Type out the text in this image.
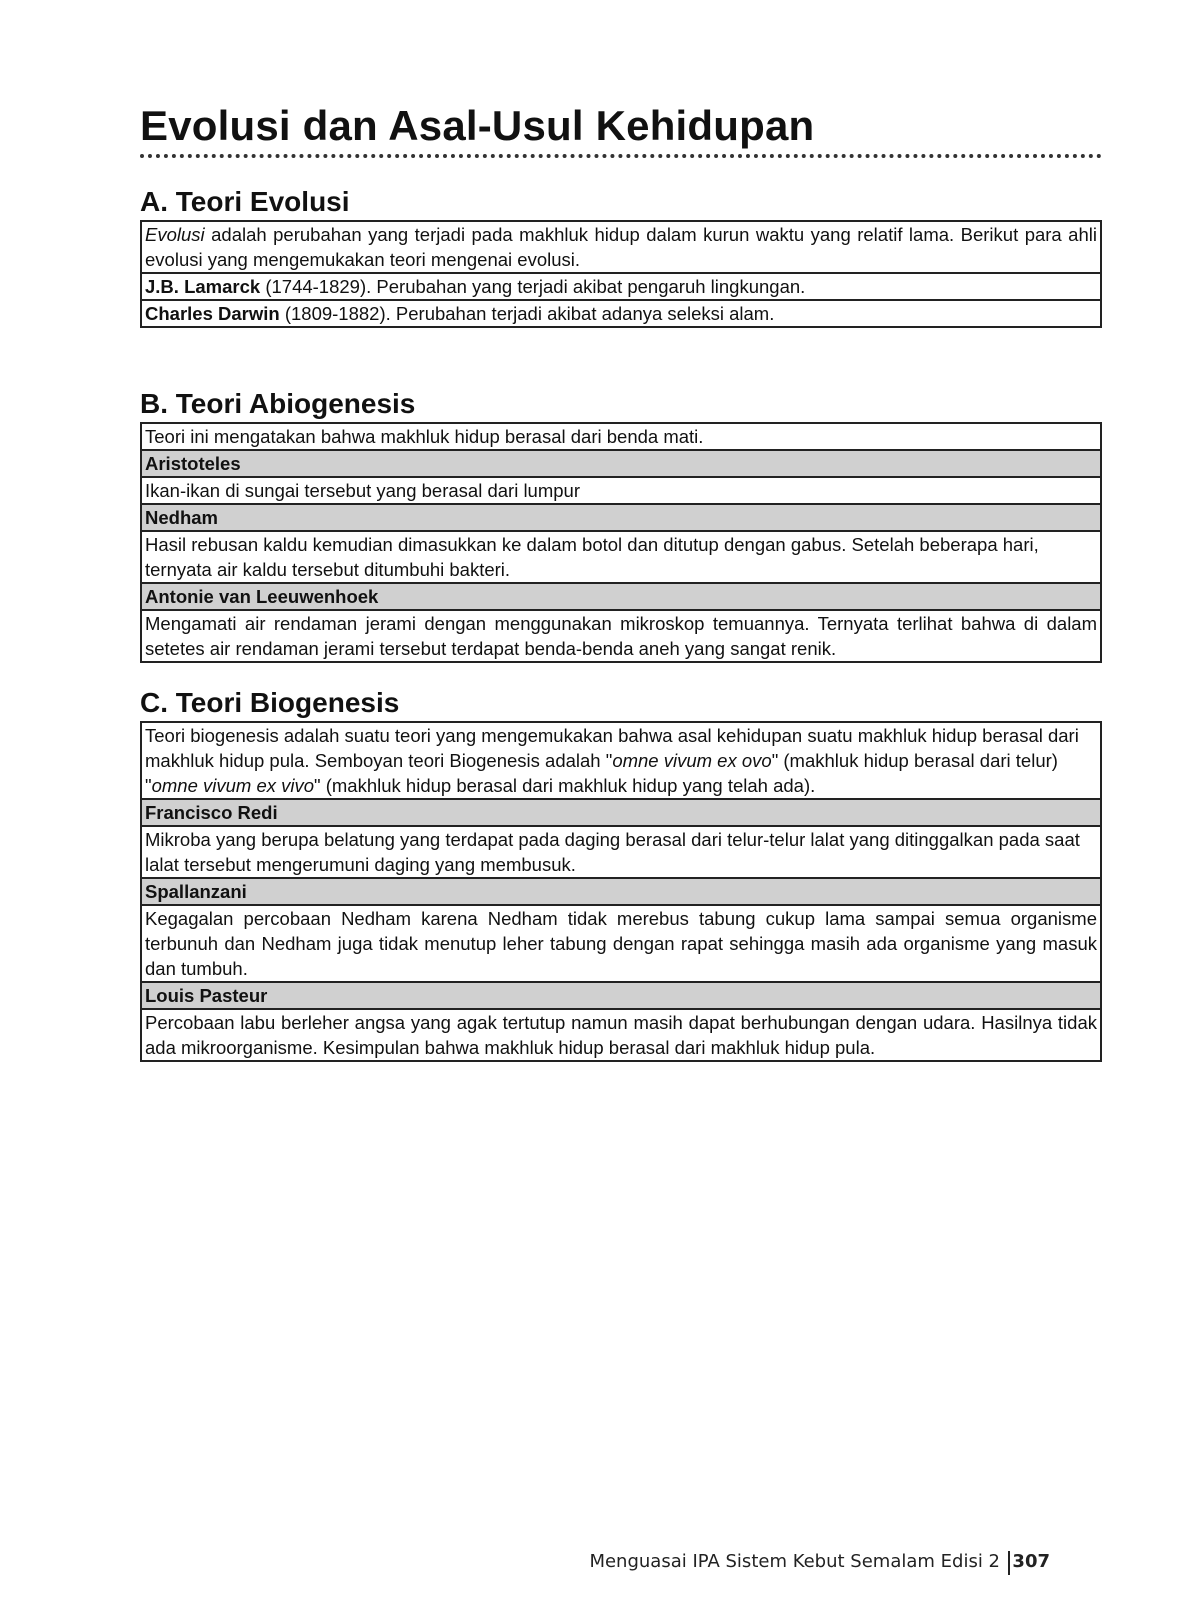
Evolusi dan Asal-Usul Kehidupan
A. Teori Evolusi
Evolusi adalah perubahan yang terjadi pada makhluk hidup dalam kurun waktu yang relatif lama. Berikut para ahli evolusi yang mengemukakan teori mengenai evolusi.
J.B. Lamarck (1744-1829). Perubahan yang terjadi akibat pengaruh lingkungan.
Charles Darwin (1809-1882). Perubahan terjadi akibat adanya seleksi alam.
B. Teori Abiogenesis
Teori ini mengatakan bahwa makhluk hidup berasal dari benda mati.
Aristoteles
Ikan-ikan di sungai tersebut yang berasal dari lumpur
Nedham
Hasil rebusan kaldu kemudian dimasukkan ke dalam botol dan ditutup dengan gabus. Setelah beberapa hari, ternyata air kaldu tersebut ditumbuhi bakteri.
Antonie van Leeuwenhoek
Mengamati air rendaman jerami dengan menggunakan mikroskop temuannya. Ternyata terlihat bahwa di dalam setetes air rendaman jerami tersebut terdapat benda-benda aneh yang sangat renik.
C. Teori Biogenesis
Teori biogenesis adalah suatu teori yang mengemukakan bahwa asal kehidupan suatu makhluk hidup berasal dari makhluk hidup pula. Semboyan teori Biogenesis adalah "omne vivum ex ovo" (makhluk hidup berasal dari telur) "omne vivum ex vivo" (makhluk hidup berasal dari makhluk hidup yang telah ada).
Francisco Redi
Mikroba yang berupa belatung yang terdapat pada daging berasal dari telur-telur lalat yang ditinggalkan pada saat lalat tersebut mengerumuni daging yang membusuk.
Spallanzani
Kegagalan percobaan Nedham karena Nedham tidak merebus tabung cukup lama sampai semua organisme terbunuh dan Nedham juga tidak menutup leher tabung dengan rapat sehingga masih ada organisme yang masuk dan tumbuh.
Louis Pasteur
Percobaan labu berleher angsa yang agak tertutup namun masih dapat berhubungan dengan udara. Hasilnya tidak ada mikroorganisme. Kesimpulan bahwa makhluk hidup berasal dari makhluk hidup pula.
Menguasai IPA Sistem Kebut Semalam Edisi 2 307
